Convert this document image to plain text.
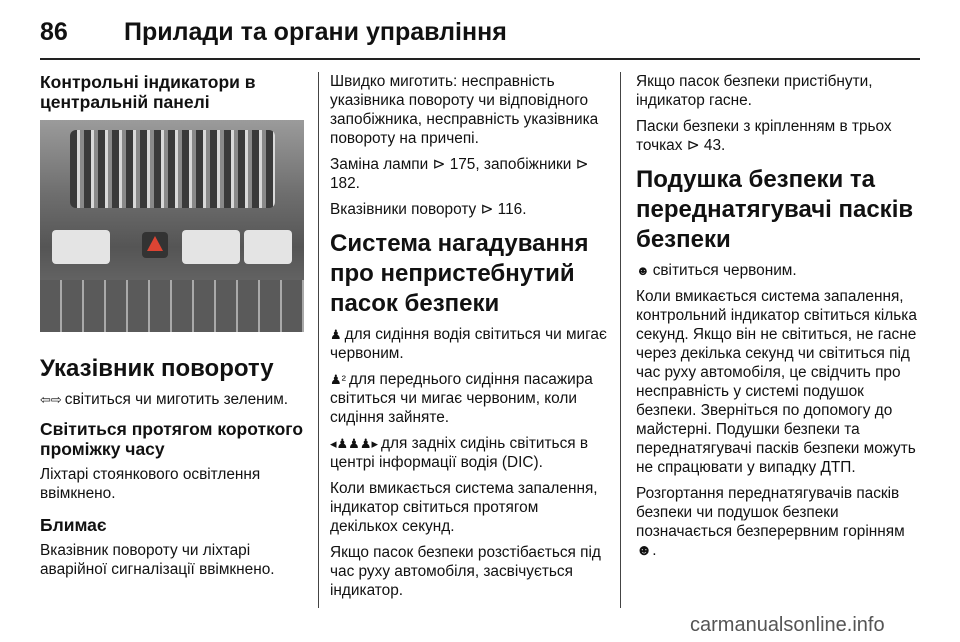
86 Прилади та органи управління
Контрольні індикатори в центральній панелі
Указівник повороту

⇦⇨ світиться чи миготить зеленим.

Світиться протягом короткого проміжку часу

Ліхтарі стоянкового освітлення ввімкнено.

Блимає

Вказівник повороту чи ліхтарі аварійної сигналізації ввімкнено.

Швидко миготить: несправність указівника повороту чи відповідного запобіжника, несправність указівника повороту на причепі.

Заміна лампи ⊳ 175, запобіжники ⊳ 182.

Вказівники повороту ⊳ 116.

Система нагадування про непристебнутий пасок безпеки

♟ для сидіння водія світиться чи мигає червоним.

♟² для переднього сидіння пасажира світиться чи мигає червоним, коли сидіння зайняте.

◂♟♟♟▸ для задніх сидінь світиться в центрі інформації водія (DIC).

Коли вмикається система запалення, індикатор світиться протягом декількох секунд.

Якщо пасок безпеки розстібається під час руху автомобіля, засвічується індикатор.

Якщо пасок безпеки пристібнути, індикатор гасне.

Паски безпеки з кріпленням в трьох точках ⊳ 43.

Подушка безпеки та переднатягувачі пасків безпеки

☻ світиться червоним.

Коли вмикається система запалення, контрольний індикатор світиться кілька секунд. Якщо він не світиться, не гасне через декілька секунд чи світиться під час руху автомобіля, це свідчить про несправність у системі подушок безпеки. Зверніться по допомогу до майстерні. Подушки безпеки та переднатягувачі пасків безпеки можуть не спрацювати у випадку ДТП.

Розгортання переднатягувачів пасків безпеки чи подушок безпеки позначається безперервним горінням ☻.

carmanualsonline.info
